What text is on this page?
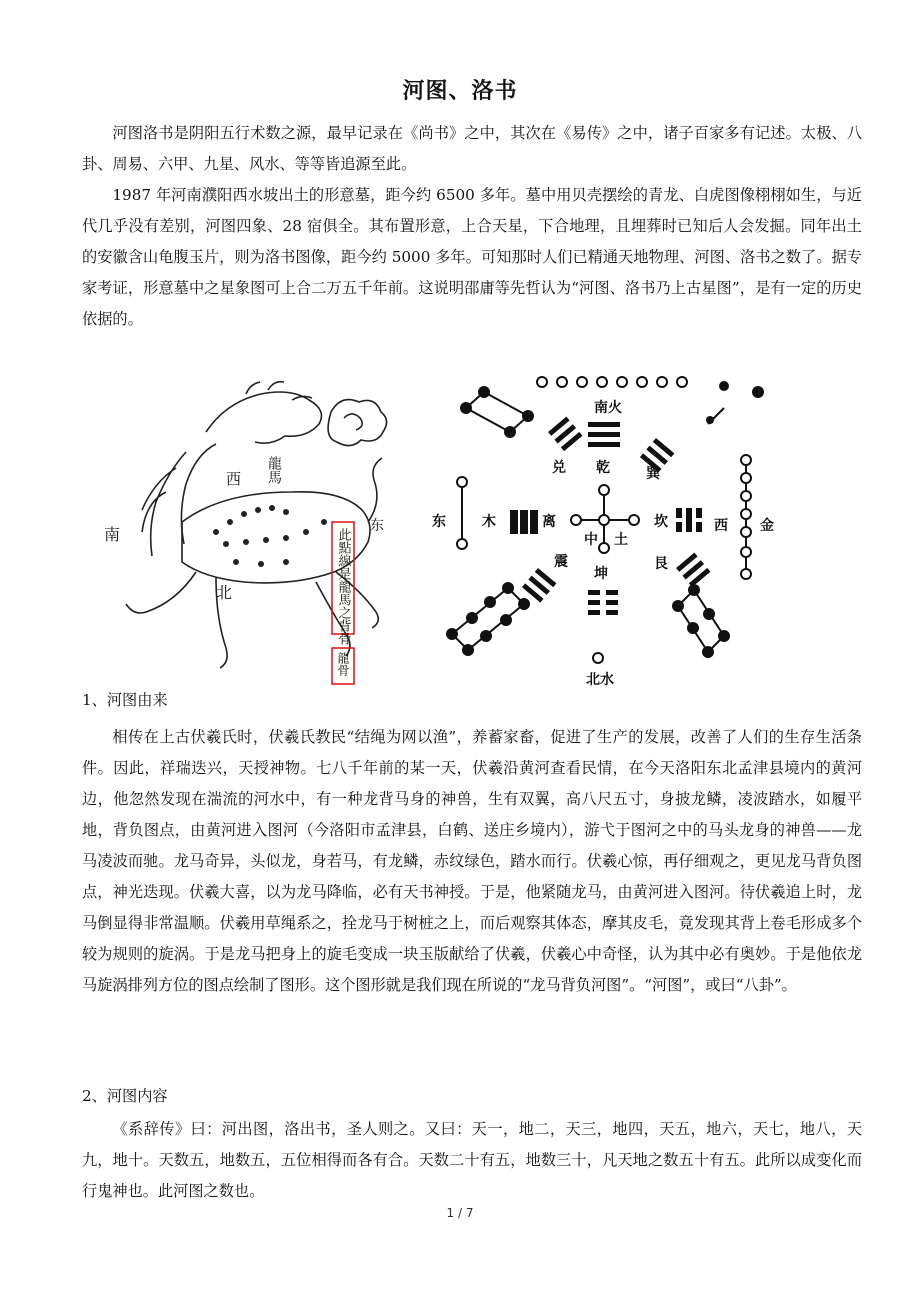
河图、洛书

河图洛书是阴阳五行术数之源，最早记录在《尚书》之中，其次在《易传》之中，诸子百家多有记述。太极、八卦、周易、六甲、九星、风水、等等皆追源至此。

1987 年河南濮阳西水坡出土的形意墓，距今约 6500 多年。墓中用贝壳摆绘的青龙、白虎图像栩栩如生，与近代几乎没有差别，河图四象、28 宿俱全。其布置形意，上合天星，下合地理，且埋葬时已知后人会发掘。同年出土的安徽含山龟腹玉片，则为洛书图像，距今约 5000 多年。可知那时人们已精通天地物理、河图、洛书之数了。据专家考证，形意墓中之星象图可上合二万五千年前。这说明邵庸等先哲认为“河图、洛书乃上古星图”，是有一定的历史依据的。

南
西
北
东
龍馬
此點線是龍馬之背骨
龍骨
南火
乾
兑	巽
东	木	离
中 土
坎	西 金
震
坤
艮
北水

1、河图由来

相传在上古伏羲氏时，伏羲氏教民“结绳为网以渔”，养蓄家畜，促进了生产的发展，改善了人们的生存生活条件。因此，祥瑞迭兴，天授神物。七八千年前的某一天，伏羲沿黄河查看民情，在今天洛阳东北孟津县境内的黄河边，他忽然发现在湍流的河水中，有一种龙背马身的神兽，生有双翼，高八尺五寸，身披龙鳞，凌波踏水，如履平地，背负图点，由黄河进入图河（今洛阳市孟津县，白鹤、送庄乡境内），游弋于图河之中的马头龙身的神兽——龙马凌波而驰。龙马奇异，头似龙，身若马，有龙鳞，赤纹绿色，踏水而行。伏羲心惊，再仔细观之，更见龙马背负图点，神光迭现。伏羲大喜，以为龙马降临，必有天书神授。于是，他紧随龙马，由黄河进入图河。待伏羲追上时，龙马倒显得非常温顺。伏羲用草绳系之，拴龙马于树桩之上，而后观察其体态，摩其皮毛，竟发现其背上卷毛形成多个较为规则的旋涡。于是龙马把身上的旋毛变成一块玉版献给了伏羲，伏羲心中奇怪，认为其中必有奥妙。于是他依龙马旋涡排列方位的图点绘制了图形。这个图形就是我们现在所说的“龙马背负河图”。“河图”，或曰“八卦”。

2、河图内容

《系辞传》曰：河出图，洛出书，圣人则之。又曰：天一，地二，天三，地四，天五，地六，天七，地八，天九，地十。天数五，地数五，五位相得而各有合。天数二十有五，地数三十，凡天地之数五十有五。此所以成变化而行鬼神也。此河图之数也。

1 / 7
